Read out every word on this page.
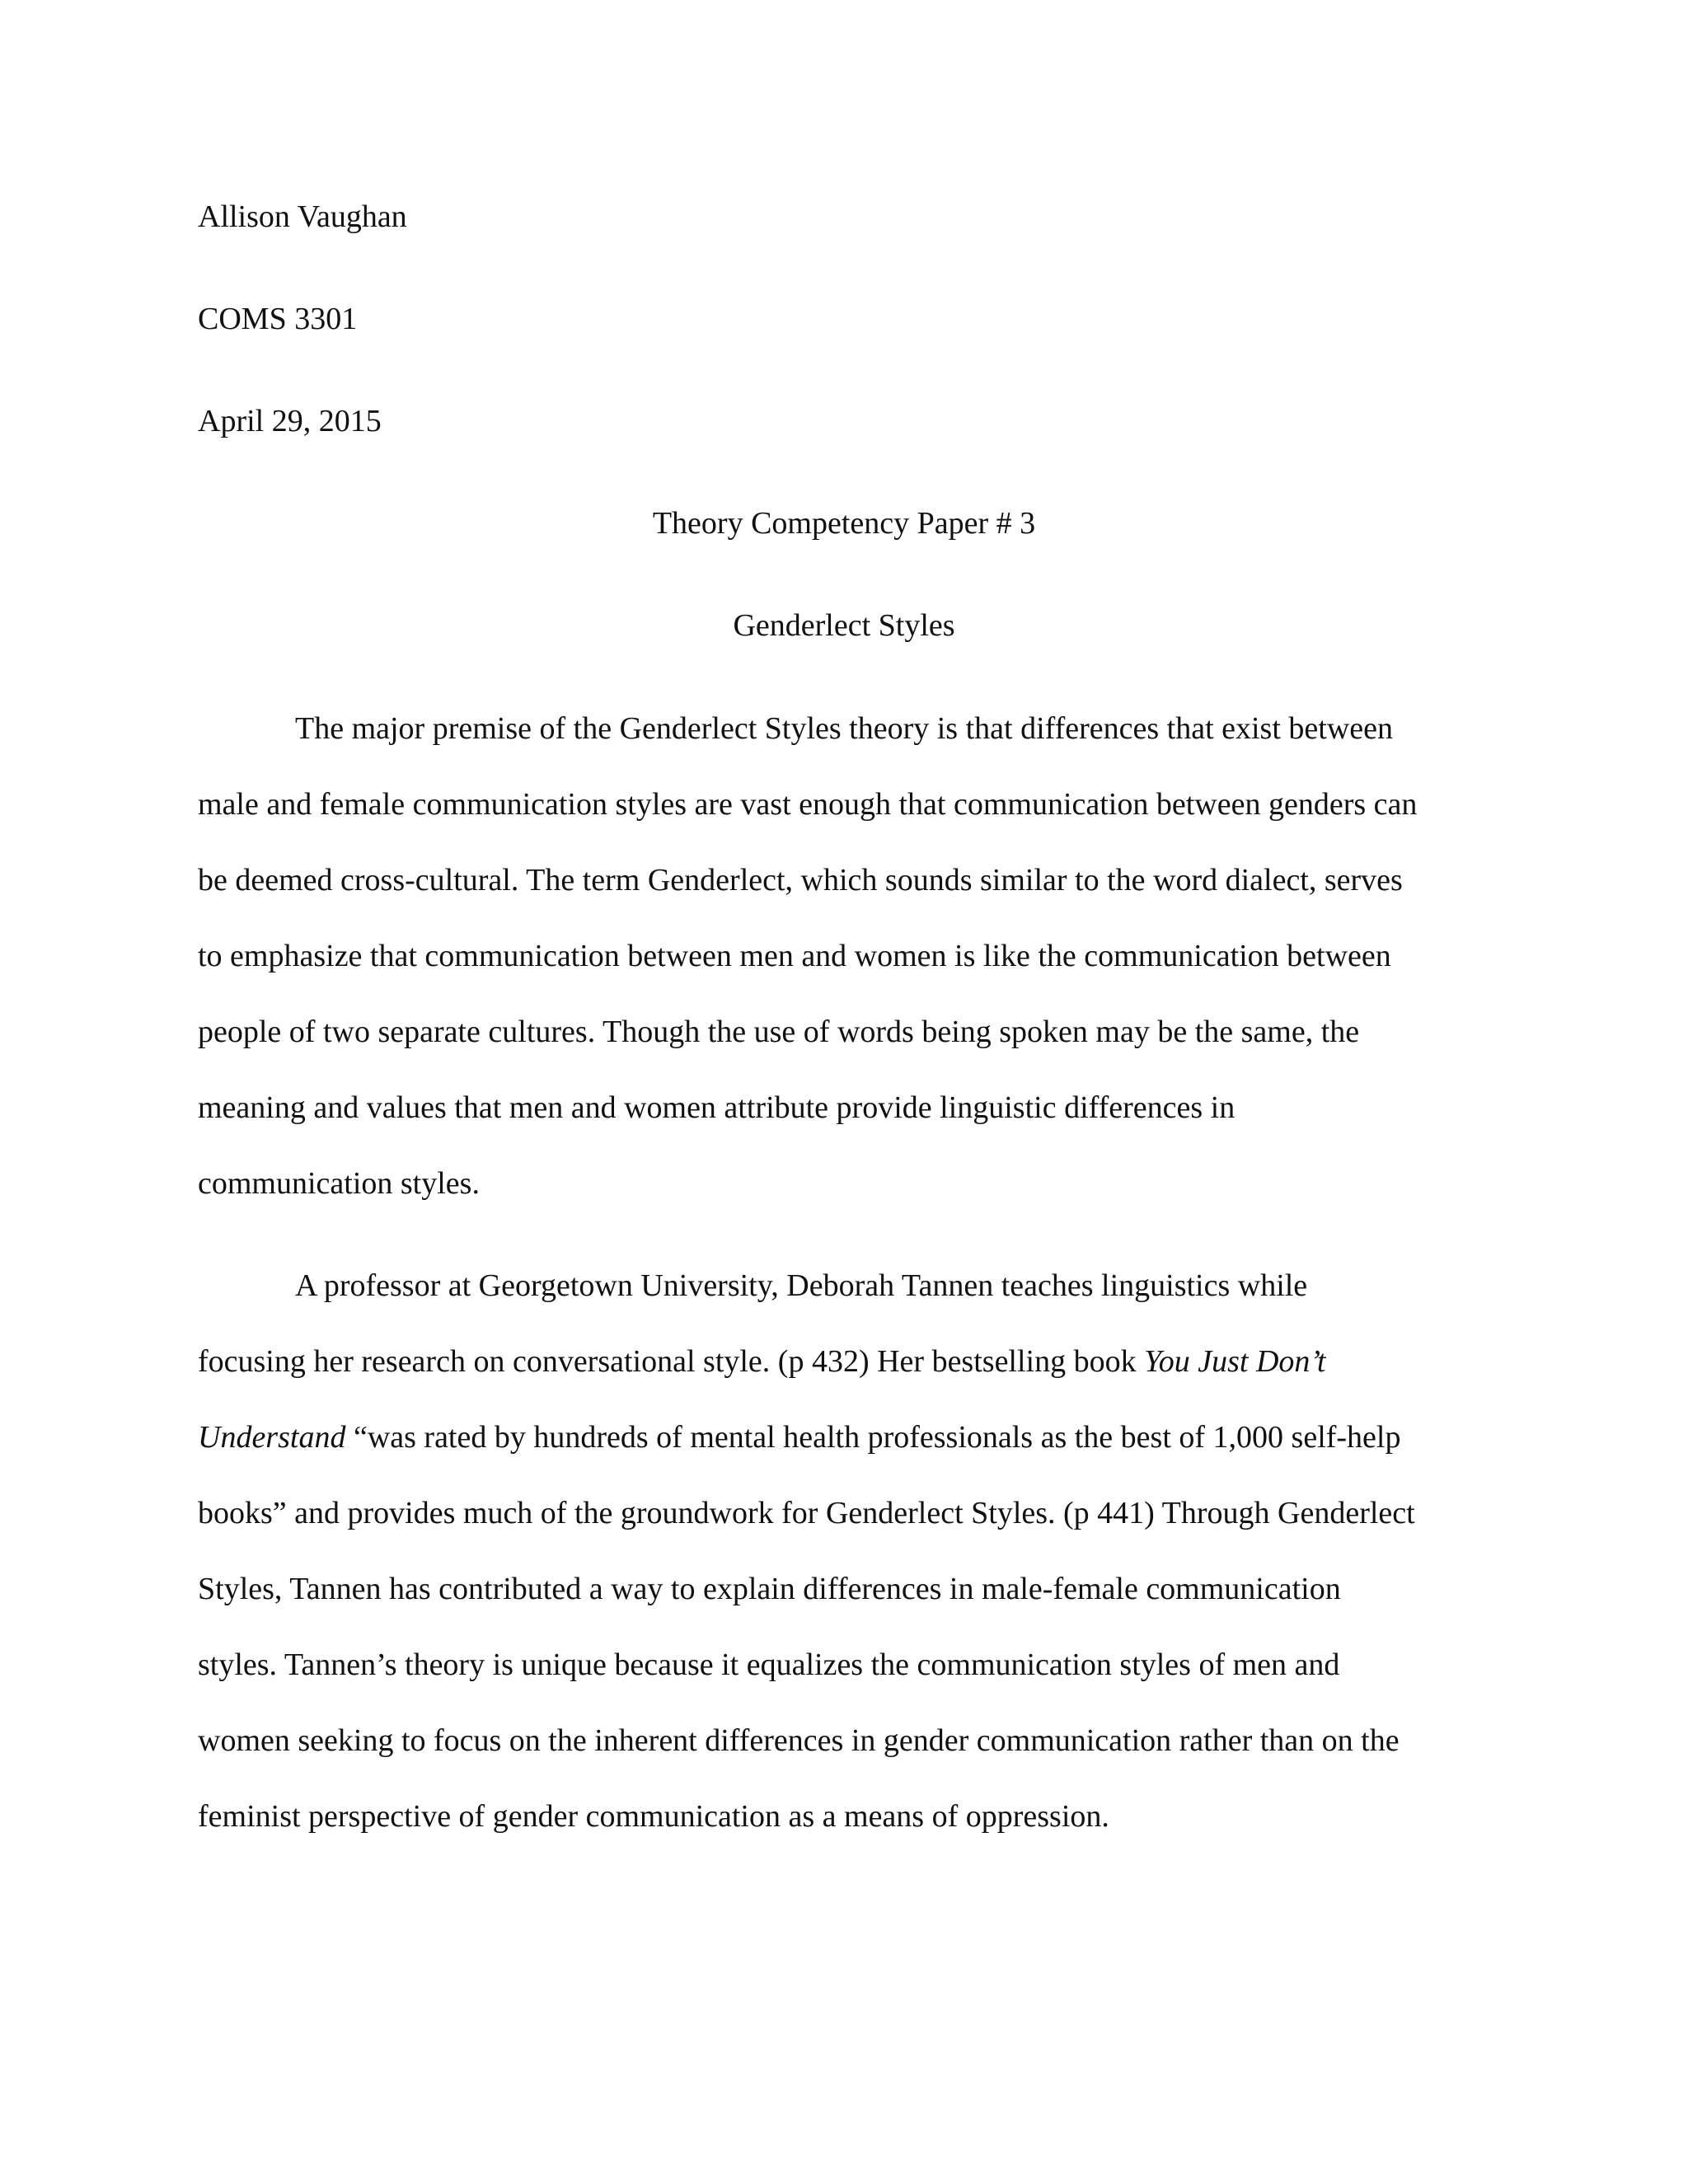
Allison Vaughan
COMS 3301
April 29, 2015
Theory Competency Paper # 3
Genderlect Styles
The major premise of the Genderlect Styles theory is that differences that exist between
male and female communication styles are vast enough that communication between genders can
be deemed cross-cultural. The term Genderlect, which sounds similar to the word dialect, serves
to emphasize that communication between men and women is like the communication between
people of two separate cultures. Though the use of words being spoken may be the same, the
meaning and values that men and women attribute provide linguistic differences in
communication styles.
A professor at Georgetown University, Deborah Tannen teaches linguistics while
focusing her research on conversational style. (p 432) Her bestselling book You Just Don’t
Understand “was rated by hundreds of mental health professionals as the best of 1,000 self-help
books” and provides much of the groundwork for Genderlect Styles. (p 441) Through Genderlect
Styles, Tannen has contributed a way to explain differences in male-female communication
styles. Tannen’s theory is unique because it equalizes the communication styles of men and
women seeking to focus on the inherent differences in gender communication rather than on the
feminist perspective of gender communication as a means of oppression.
